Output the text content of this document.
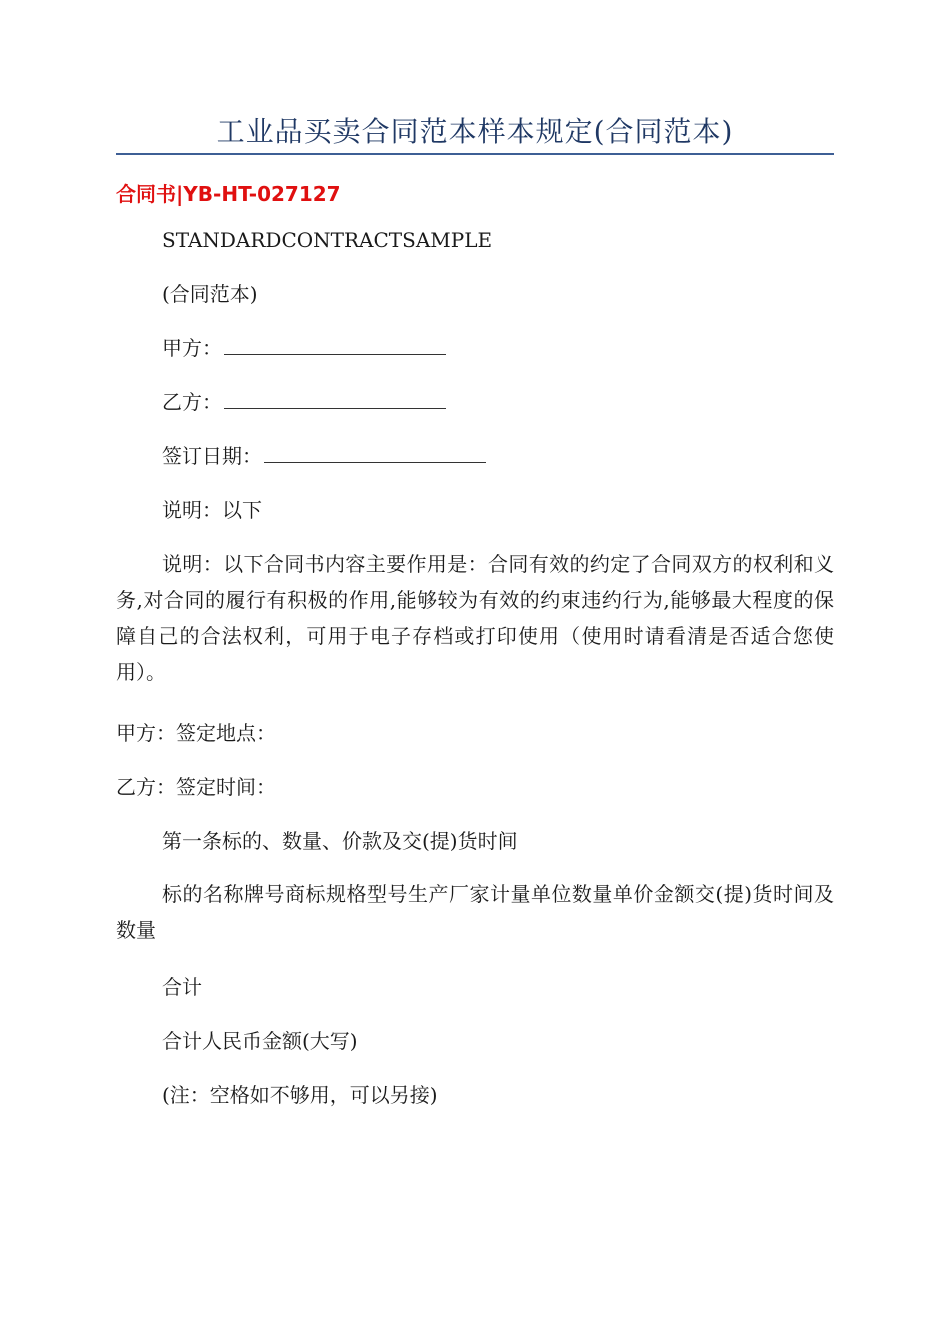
工业品买卖合同范本样本规定(合同范本)
合同书|YB-HT-027127
STANDARDCONTRACTSAMPLE
(合同范本)
甲方：
乙方：
签订日期：
说明：以下
说明：以下合同书内容主要作用是：合同有效的约定了合同双方的权利和义务,对合同的履行有积极的作用,能够较为有效的约束违约行为,能够最大程度的保障自己的合法权利，可用于电子存档或打印使用（使用时请看清是否适合您使用）。
甲方：签定地点：
乙方：签定时间：
第一条标的、数量、价款及交(提)货时间
标的名称牌号商标规格型号生产厂家计量单位数量单价金额交(提)货时间及数量
合计
合计人民币金额(大写)
(注：空格如不够用，可以另接)
